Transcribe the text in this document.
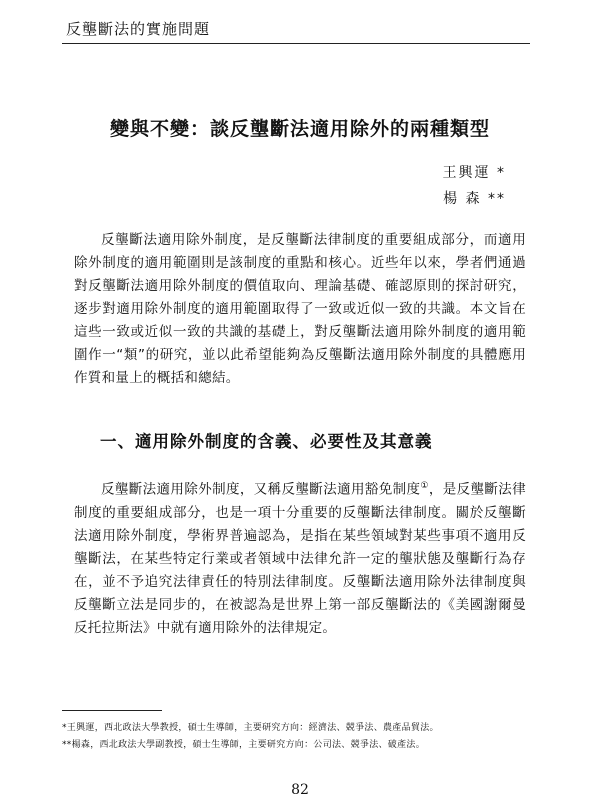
反壟斷法的實施問題
變與不變：談反壟斷法適用除外的兩種類型
王興運 *
楊 森 **
反壟斷法適用除外制度，是反壟斷法律制度的重要組成部分，而適用除外制度的適用範圍則是該制度的重點和核心。近些年以來，學者們通過對反壟斷法適用除外制度的價值取向、理論基礎、確認原則的探討研究，逐步對適用除外制度的適用範圍取得了一致或近似一致的共識。本文旨在這些一致或近似一致的共識的基礎上，對反壟斷法適用除外制度的適用範圍作一“類”的研究，並以此希望能夠為反壟斷法適用除外制度的具體應用作質和量上的概括和總結。
一、適用除外制度的含義、必要性及其意義
反壟斷法適用除外制度，又稱反壟斷法適用豁免制度①，是反壟斷法律制度的重要組成部分，也是一項十分重要的反壟斷法律制度。關於反壟斷法適用除外制度，學術界普遍認為，是指在某些領域對某些事項不適用反壟斷法，在某些特定行業或者領域中法律允許一定的壟狀態及壟斷行為存在，並不予追究法律責任的特別法律制度。反壟斷法適用除外法律制度與反壟斷立法是同步的，在被認為是世界上第一部反壟斷法的《美國謝爾曼反托拉斯法》中就有適用除外的法律規定。
*王興運，西北政法大學教授，碩士生導師，主要研究方向：經濟法、競爭法、農產品貿法。
**楊森，西北政法大學副教授，碩士生導師，主要研究方向：公司法、競爭法、破產法。
82
